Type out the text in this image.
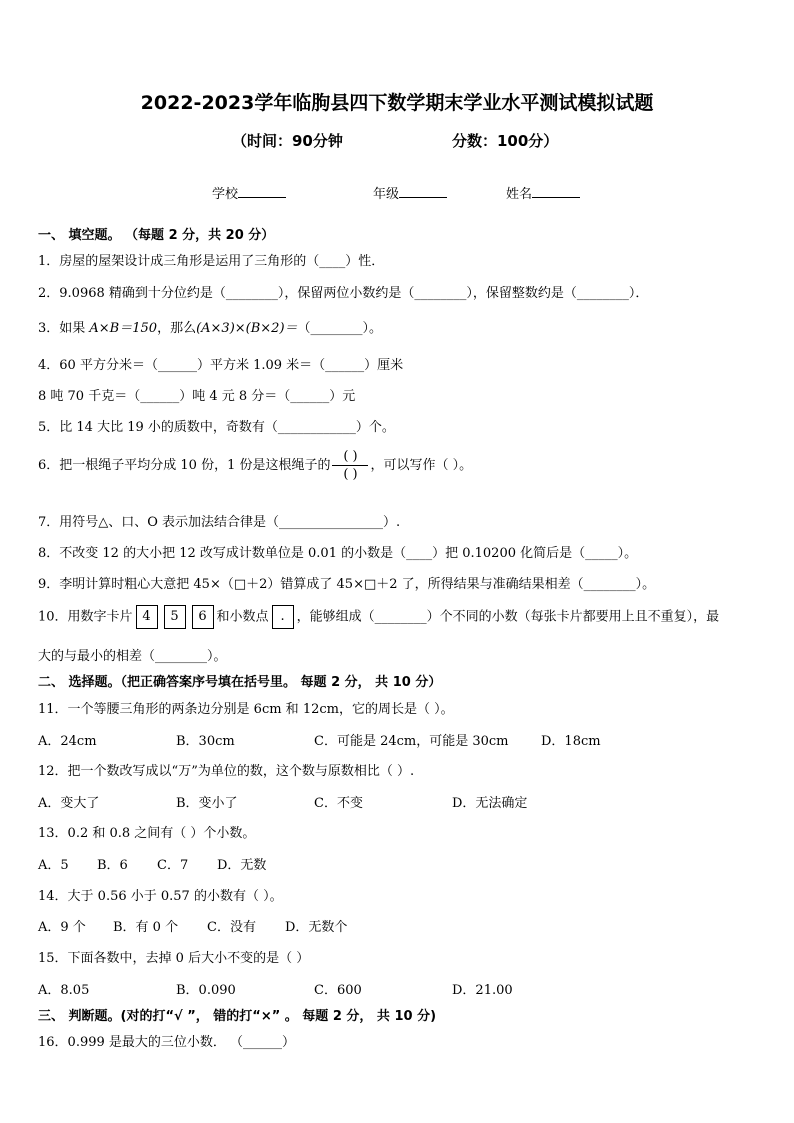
2022-2023学年临朐县四下数学期末学业水平测试模拟试题
（时间：90分钟	分数：100分）
学校	年级	姓名
一、 填空题。 （每题 2 分，共 20 分）
1．房屋的屋架设计成三角形是运用了三角形的（____）性．
2．9.0968 精确到十分位约是（________），保留两位小数约是（________），保留整数约是（________）．
3．如果 A×B＝150，那么(A×3)×(B×2)＝（________）。
4．60 平方分米＝（______）平方米 1.09 米＝（______）厘米
8 吨 70 千克＝（______）吨 4 元 8 分＝（______）元
5．比 14 大比 19 小的质数中，奇数有（____________）个。
6．把一根绳子平均分成 10 份，1 份是这根绳子的 $\frac{( )}{( )}$ ，可以写作（ ）。
7．用符号△、口、O 表示加法结合律是（________________）.
8．不改变 12 的大小把 12 改写成计数单位是 0.01 的小数是（____）把 0.10200 化简后是（_____）。
9．李明计算时粗心大意把 45×（□＋2）错算成了 45×□＋2 了，所得结果与准确结果相差（________）。
10．用数字卡片 4 5 6 和小数点 . ，能够组成（________）个不同的小数（每张卡片都要用上且不重复），最
大的与最小的相差（________）。
二、 选择题。（把正确答案序号填在括号里。 每题 2 分， 共 10 分）
11．一个等腰三角形的两条边分别是 6cm 和 12cm，它的周长是（ ）。
A．24cm	B．30cm	C．可能是 24cm，可能是 30cm D．18cm
12．把一个数改写成以“万”为单位的数，这个数与原数相比（ ）.
A．变大了	B．变小了	C．不变	D．无法确定
13．0.2 和 0.8 之间有（ ）个小数。
A．5 B．6 C．7 D．无数
14．大于 0.56 小于 0.57 的小数有（ ）。
A．9 个 B．有 0 个 C．没有 D．无数个
15．下面各数中，去掉 0 后大小不变的是（ ）
A．8.05	B．0.090	C．600	D．21.00
三、 判断题。(对的打“√ ”， 错的打“×” 。 每题 2 分， 共 10 分)
16．0.999 是最大的三位小数． （______）
